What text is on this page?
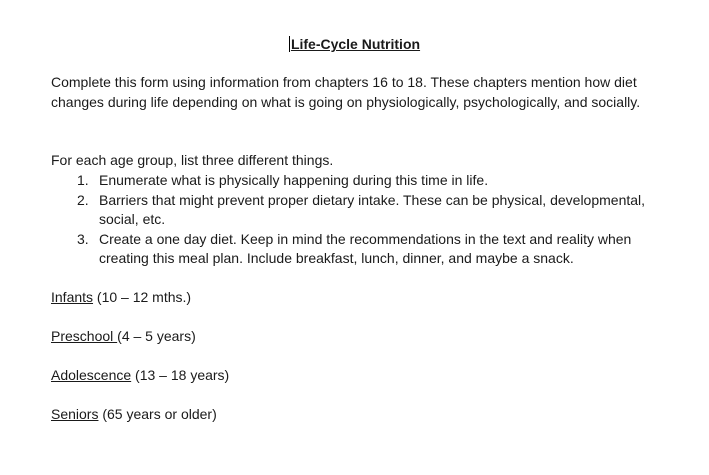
Life-Cycle Nutrition

Complete this form using information from chapters 16 to 18. These chapters mention how diet changes during life depending on what is going on physiologically, psychologically, and socially.

For each age group, list three different things.

1. Enumerate what is physically happening during this time in life.
2. Barriers that might prevent proper dietary intake. These can be physical, developmental, social, etc.
3. Create a one day diet. Keep in mind the recommendations in the text and reality when creating this meal plan. Include breakfast, lunch, dinner, and maybe a snack.
Infants (10 – 12 mths.)
Preschool (4 – 5 years)
Adolescence (13 – 18 years)
Seniors (65 years or older)
